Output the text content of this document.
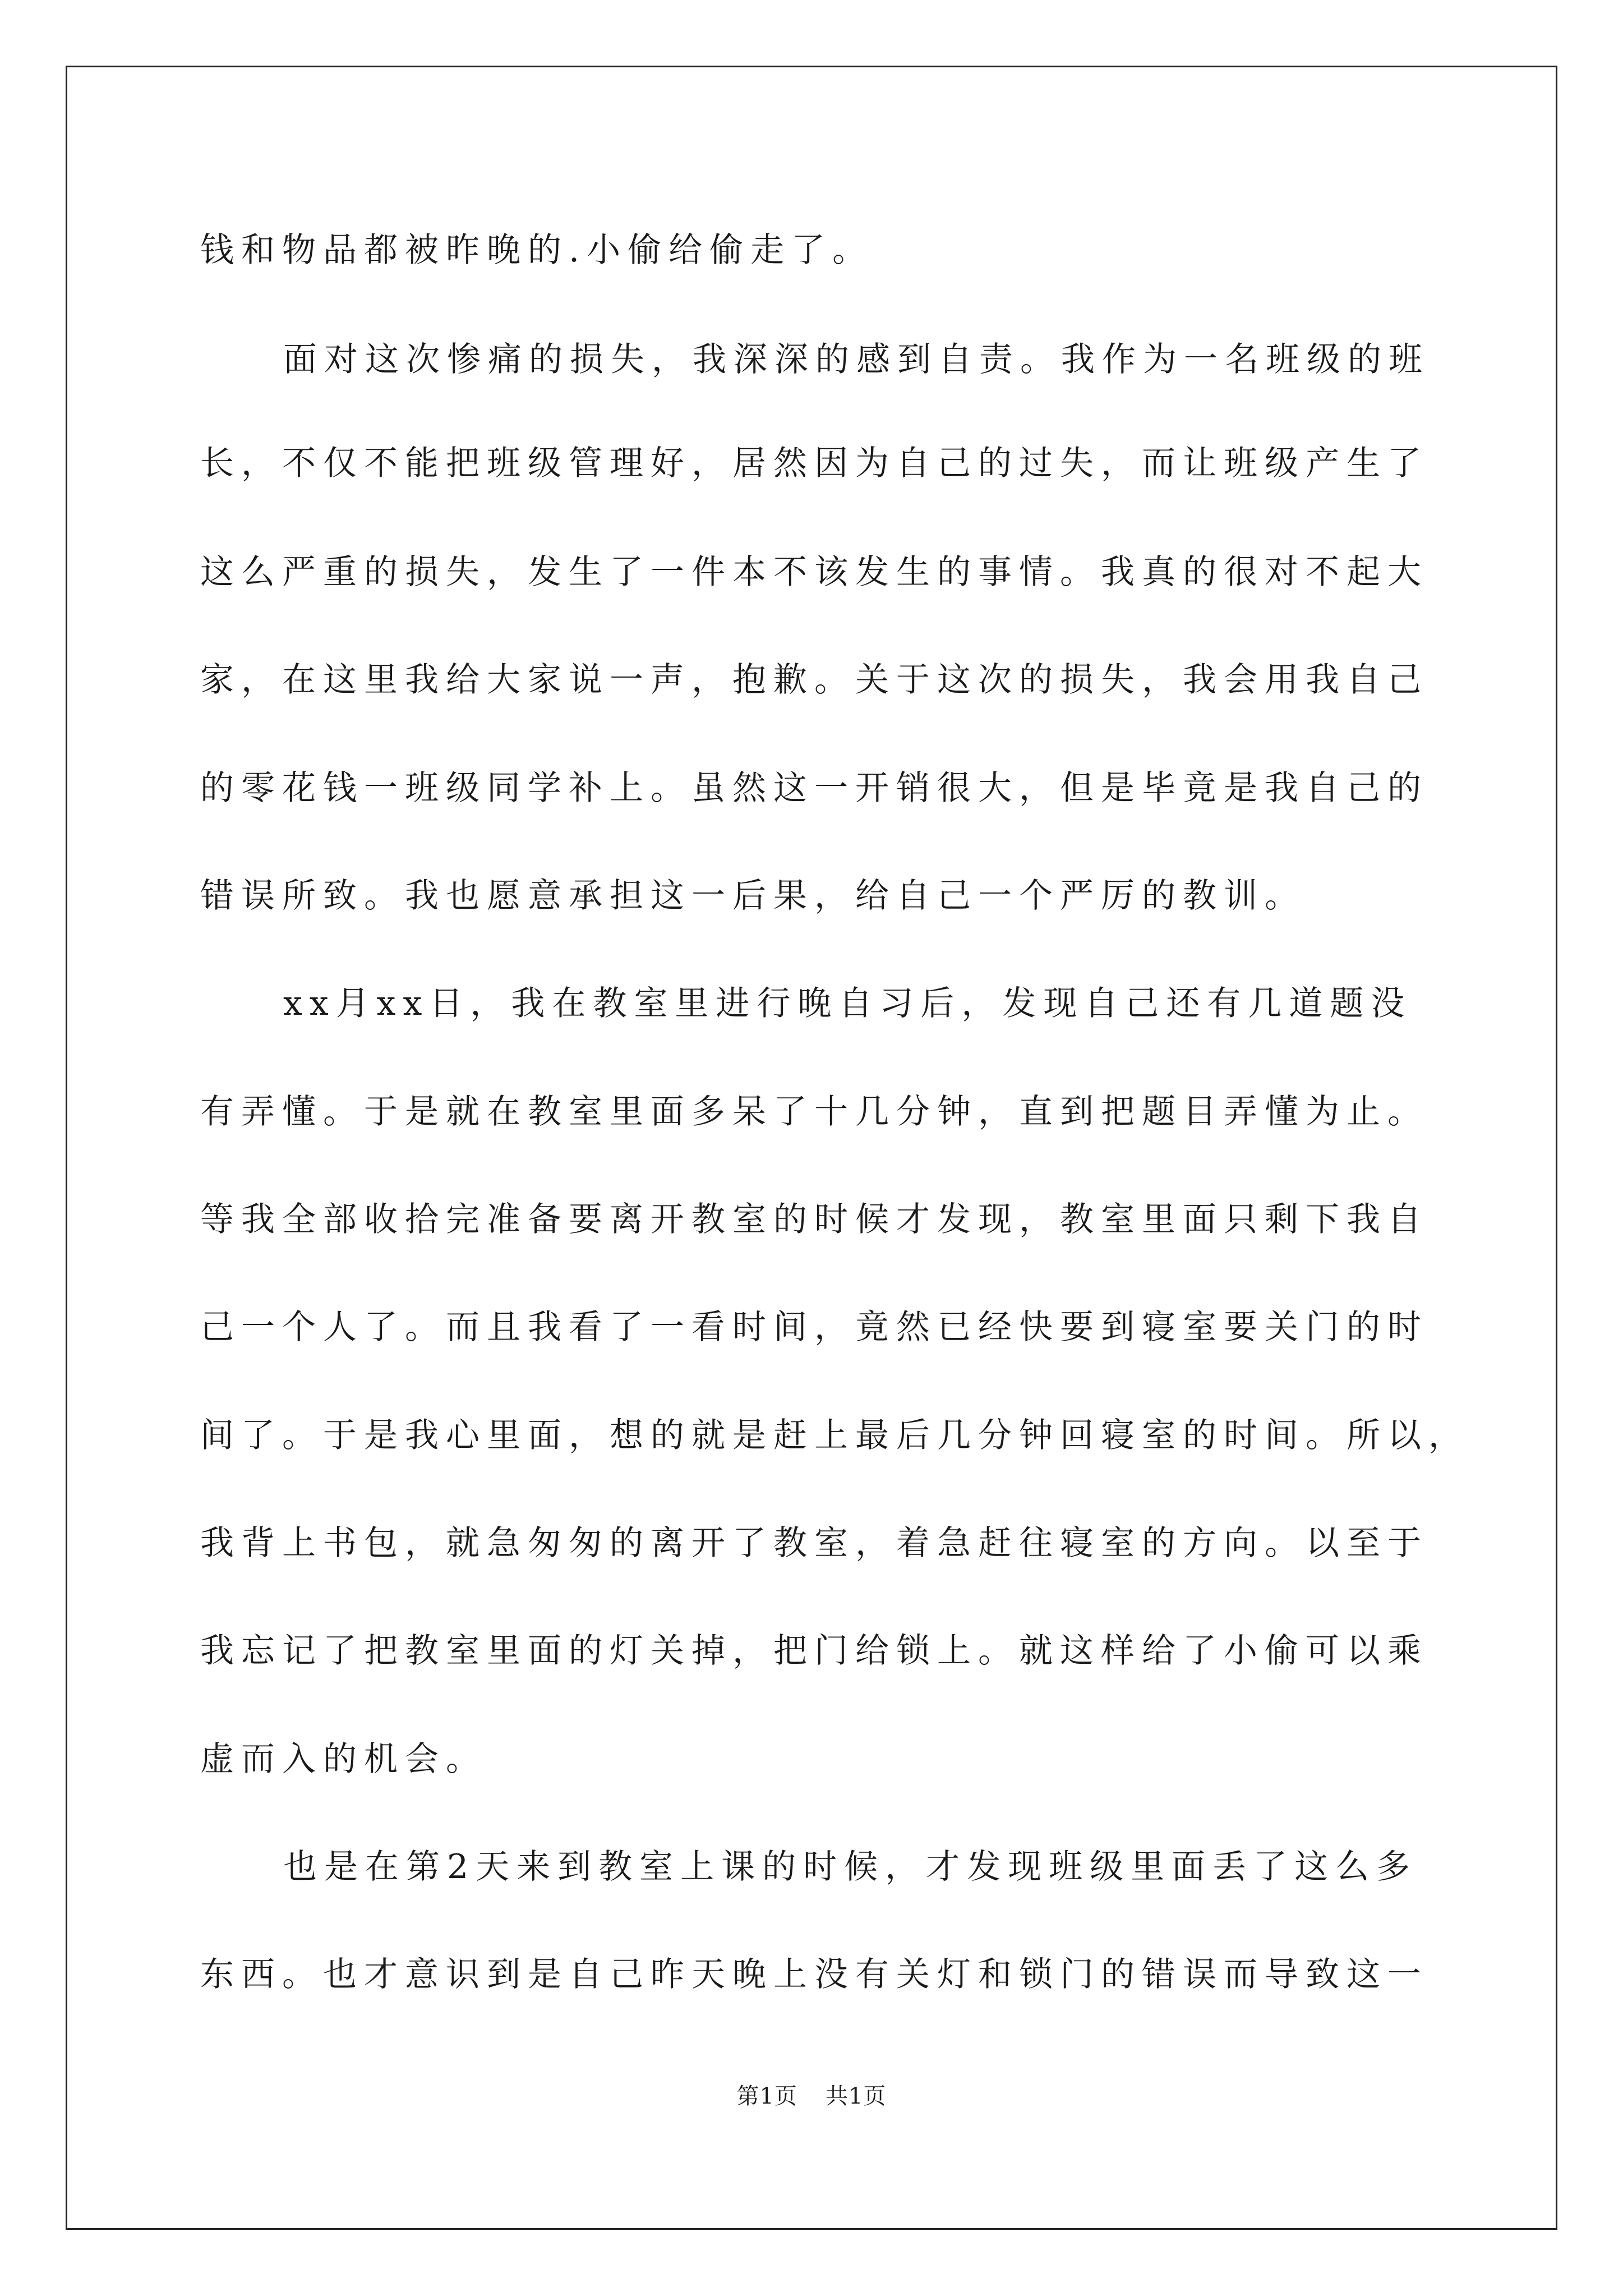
钱和物品都被昨晚的.小偷给偷走了。
面对这次惨痛的损失，我深深的感到自责。我作为一名班级的班
长，不仅不能把班级管理好，居然因为自己的过失，而让班级产生了
这么严重的损失，发生了一件本不该发生的事情。我真的很对不起大
家，在这里我给大家说一声，抱歉。关于这次的损失，我会用我自己
的零花钱一班级同学补上。虽然这一开销很大，但是毕竟是我自己的
错误所致。我也愿意承担这一后果，给自己一个严厉的教训。
xx月xx日，我在教室里进行晚自习后，发现自己还有几道题没
有弄懂。于是就在教室里面多呆了十几分钟，直到把题目弄懂为止。
等我全部收拾完准备要离开教室的时候才发现，教室里面只剩下我自
己一个人了。而且我看了一看时间，竟然已经快要到寝室要关门的时
间了。于是我心里面，想的就是赶上最后几分钟回寝室的时间。所以，
我背上书包，就急匆匆的离开了教室，着急赶往寝室的方向。以至于
我忘记了把教室里面的灯关掉，把门给锁上。就这样给了小偷可以乘
虚而入的机会。
也是在第2天来到教室上课的时候，才发现班级里面丢了这么多
东西。也才意识到是自己昨天晚上没有关灯和锁门的错误而导致这一
第1页 共1页
